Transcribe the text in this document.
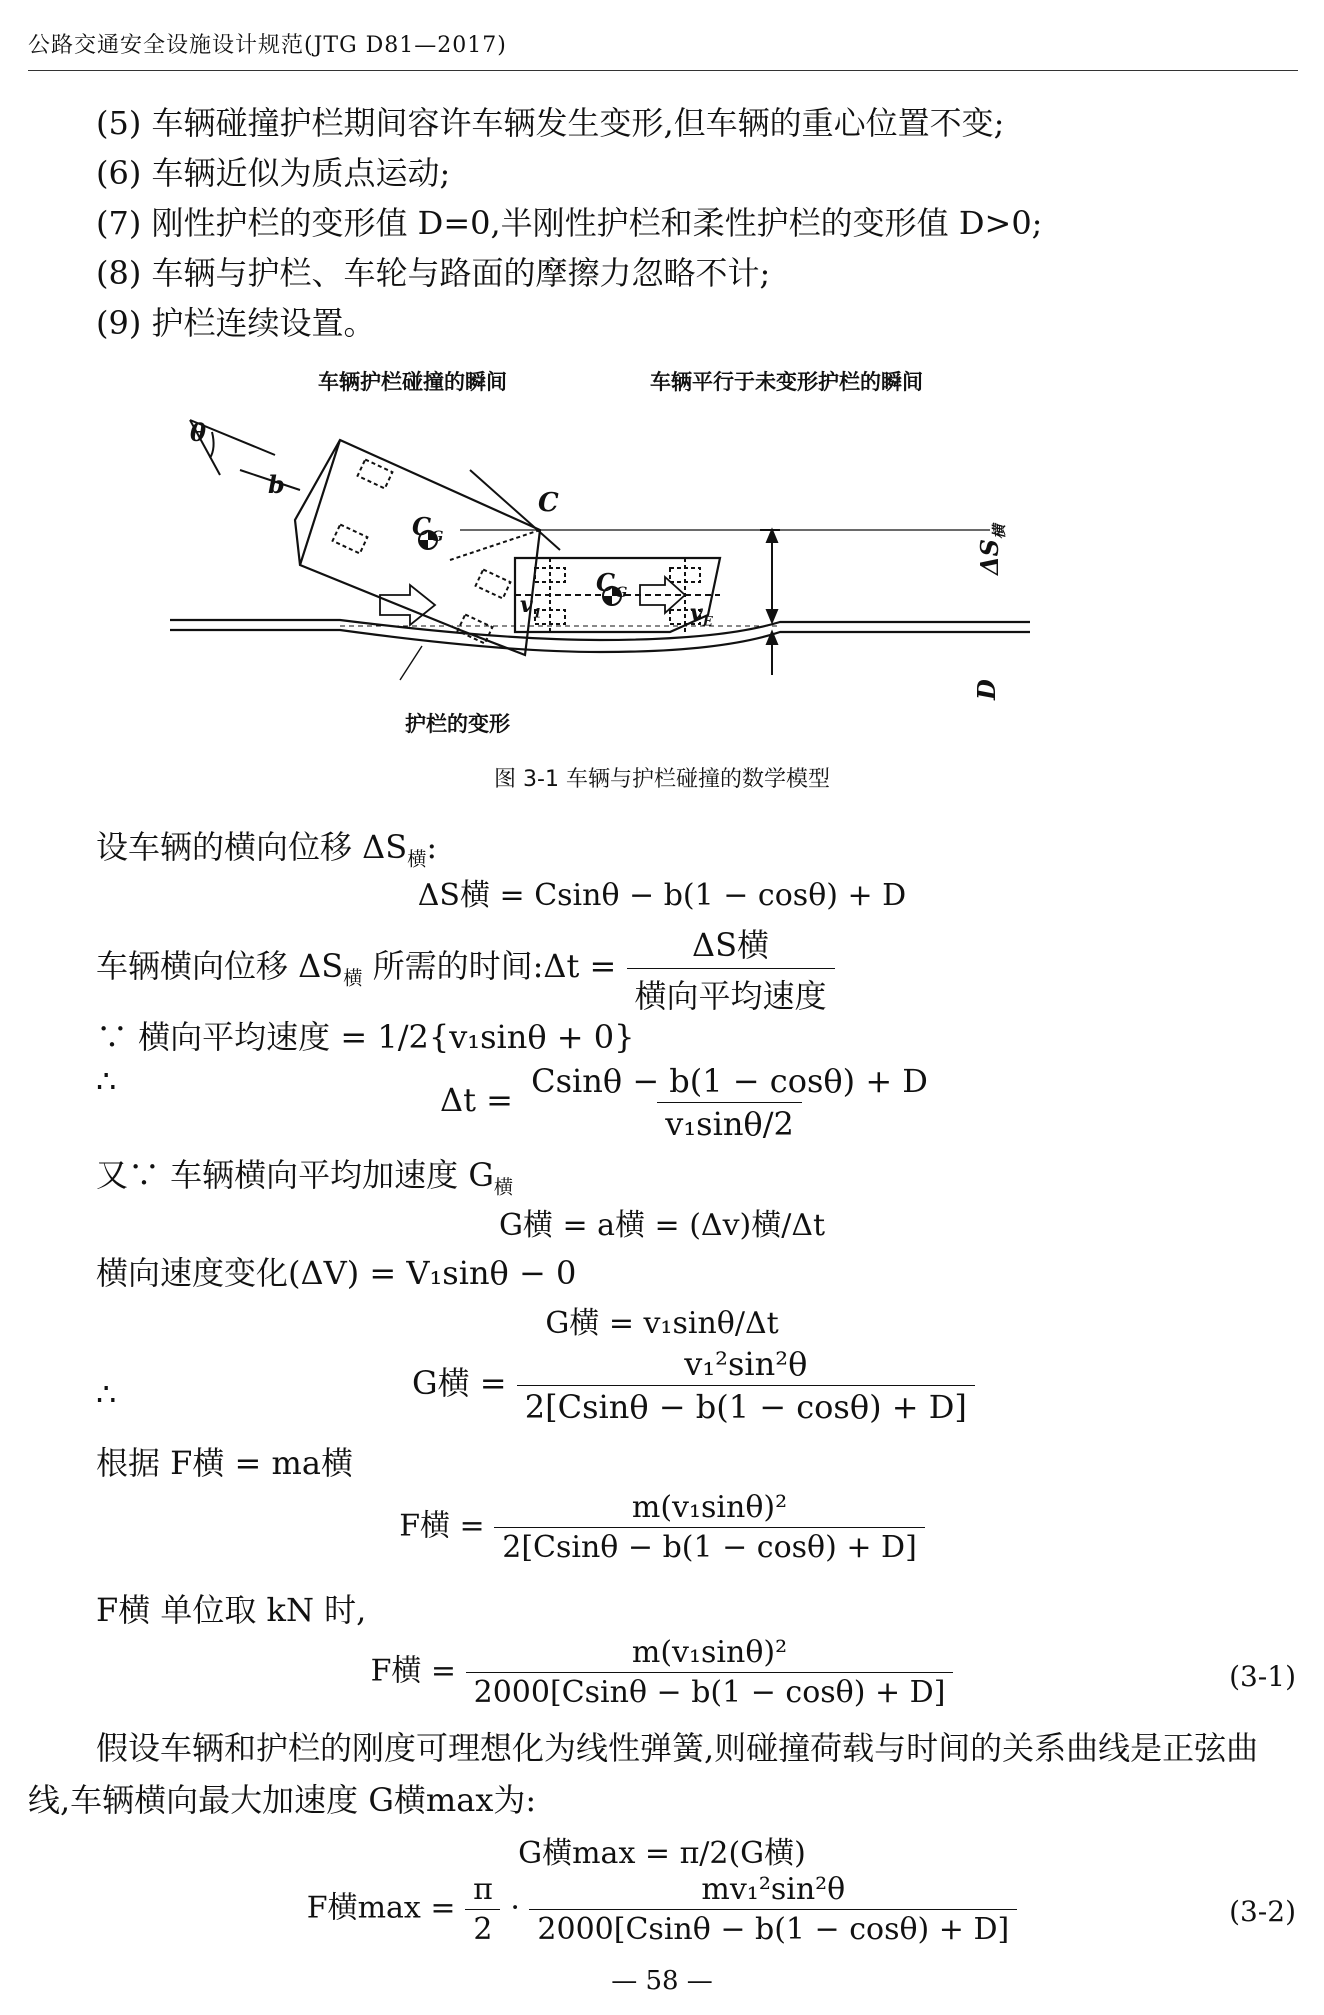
公路交通安全设施设计规范(JTG D81—2017)
(5) 车辆碰撞护栏期间容许车辆发生变形,但车辆的重心位置不变;
(6) 车辆近似为质点运动;
(7) 刚性护栏的变形值 D=0,半刚性护栏和柔性护栏的变形值 D>0;
(8) 车辆与护栏、车轮与路面的摩擦力忽略不计;
(9) 护栏连续设置。
车辆护栏碰撞的瞬间	车辆平行于未变形护栏的瞬间
θ
b
C
$C_G$
$v_1$
$C_G$
$v_E$
$\Delta S_横$
D
护栏的变形
图 3-1 车辆与护栏碰撞的数学模型
设车辆的横向位移 $\Delta S_横$:
ΔS横 = Csinθ − b(1 − cosθ) + D
车辆横向位移 $\Delta S_横$ 所需的时间:Δt = $\frac{\text{ΔS横}}{\text{横向平均速度}}$
∵ 横向平均速度 = 1/2{v₁sinθ + 0}
∴	$\Delta t = \frac{Csin\theta - b(1 - \cos\theta) + D}{\text{v₁sinθ/2}}$
又∵ 车辆横向平均加速度 $G_横$
G横 = a横 = (Δv)横/Δt
横向速度变化(ΔV) = V₁sinθ − 0
G横 = v₁sinθ/Δt
∴	G横 = $\frac{\text{v₁²sin²θ}}{2[Csin\theta - b(1 - \cos\theta) + D]}$
根据 F横 = ma横
F横 = $\frac{\text{m(v₁sinθ)²}}{2[Csin\theta - b(1 - \cos\theta) + D]}$
F横 单位取 kN 时,
F横 = $\frac{\text{m(v₁sinθ)²}}{2000[Csin\theta - b(1 - \cos\theta) + D]}$	(3-1)
假设车辆和护栏的刚度可理想化为线性弹簧,则碰撞荷载与时间的关系曲线是正弦曲线,车辆横向最大加速度 G横max为:
G横max = π/2(G横)
F横$\max = \frac{\pi}{2} \cdot \frac{\text{mv₁²sin²θ}}{2000[Csin\theta - b(1 - \cos\theta) + D]}$	(3-2)
— 58 —
